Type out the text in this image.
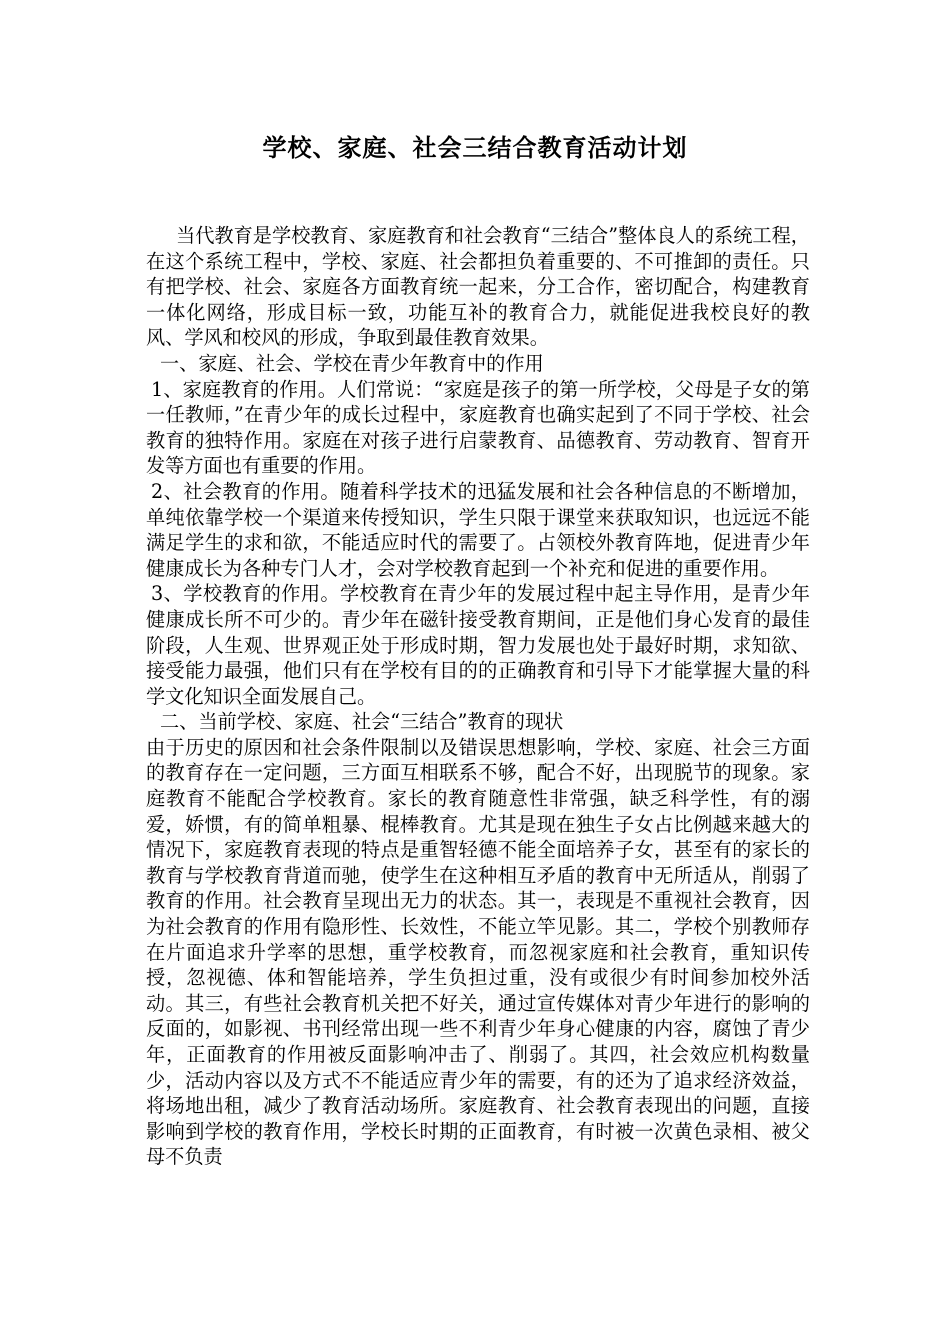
学校、家庭、社会三结合教育活动计划

当代教育是学校教育、家庭教育和社会教育“三结合”整体良人的系统工程，在这个系统工程中，学校、家庭、社会都担负着重要的、不可推卸的责任。只有把学校、社会、家庭各方面教育统一起来，分工合作，密切配合，构建教育一体化网络，形成目标一致，功能互补的教育合力，就能促进我校良好的教风、学风和校风的形成，争取到最佳教育效果。

一、家庭、社会、学校在青少年教育中的作用

1、家庭教育的作用。人们常说：“家庭是孩子的第一所学校，父母是子女的第一任教师，”在青少年的成长过程中，家庭教育也确实起到了不同于学校、社会教育的独特作用。家庭在对孩子进行启蒙教育、品德教育、劳动教育、智育开发等方面也有重要的作用。

2、社会教育的作用。随着科学技术的迅猛发展和社会各种信息的不断增加，单纯依靠学校一个渠道来传授知识，学生只限于课堂来获取知识，也远远不能满足学生的求和欲，不能适应时代的需要了。占领校外教育阵地，促进青少年健康成长为各种专门人才，会对学校教育起到一个补充和促进的重要作用。

3、学校教育的作用。学校教育在青少年的发展过程中起主导作用，是青少年健康成长所不可少的。青少年在磁针接受教育期间，正是他们身心发育的最佳阶段，人生观、世界观正处于形成时期，智力发展也处于最好时期，求知欲、接受能力最强，他们只有在学校有目的的正确教育和引导下才能掌握大量的科学文化知识全面发展自己。

二、当前学校、家庭、社会“三结合”教育的现状

由于历史的原因和社会条件限制以及错误思想影响，学校、家庭、社会三方面的教育存在一定问题，三方面互相联系不够，配合不好，出现脱节的现象。家庭教育不能配合学校教育。家长的教育随意性非常强，缺乏科学性，有的溺爱，娇惯，有的简单粗暴、棍棒教育。尤其是现在独生子女占比例越来越大的情况下，家庭教育表现的特点是重智轻德不能全面培养子女，甚至有的家长的教育与学校教育背道而驰，使学生在这种相互矛盾的教育中无所适从，削弱了教育的作用。社会教育呈现出无力的状态。其一，表现是不重视社会教育，因为社会教育的作用有隐形性、长效性，不能立竿见影。其二，学校个别教师存在片面追求升学率的思想，重学校教育，而忽视家庭和社会教育，重知识传授，忽视德、体和智能培养，学生负担过重，没有或很少有时间参加校外活动。其三，有些社会教育机关把不好关，通过宣传媒体对青少年进行的影响的反面的，如影视、书刊经常出现一些不利青少年身心健康的内容，腐蚀了青少年，正面教育的作用被反面影响冲击了、削弱了。其四，社会效应机构数量少，活动内容以及方式不不能适应青少年的需要，有的还为了追求经济效益，将场地出租，减少了教育活动场所。家庭教育、社会教育表现出的问题，直接影响到学校的教育作用，学校长时期的正面教育，有时被一次黄色录相、被父母不负责
